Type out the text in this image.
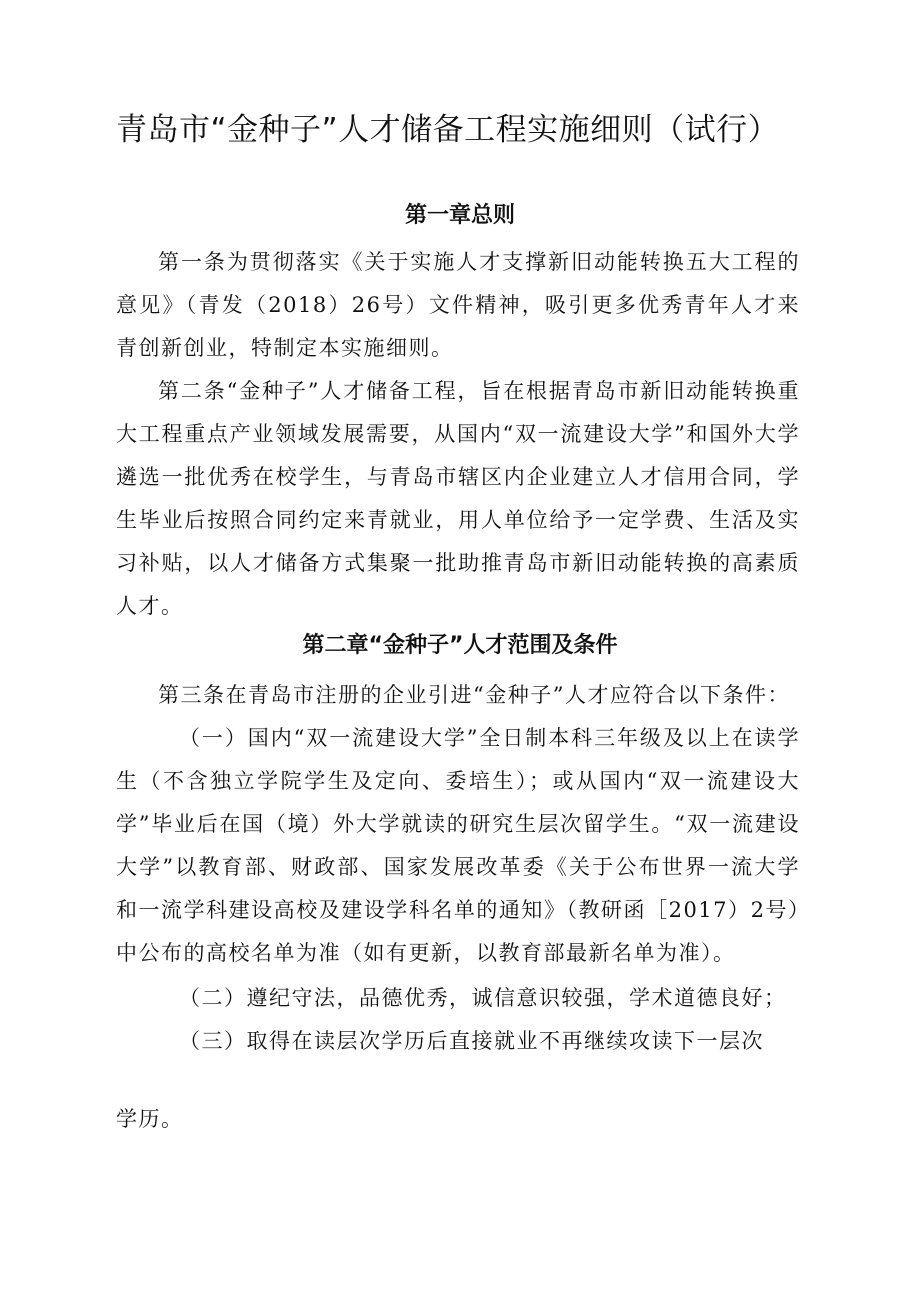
青岛市“金种子”人才储备工程实施细则（试行）
第一章总则

第一条为贯彻落实《关于实施人才支撑新旧动能转换五大工程的意见》（青发（2018）26号）文件精神，吸引更多优秀青年人才来青创新创业，特制定本实施细则。

第二条“金种子”人才储备工程，旨在根据青岛市新旧动能转换重大工程重点产业领域发展需要，从国内“双一流建设大学”和国外大学遴选一批优秀在校学生，与青岛市辖区内企业建立人才信用合同，学生毕业后按照合同约定来青就业，用人单位给予一定学费、生活及实习补贴，以人才储备方式集聚一批助推青岛市新旧动能转换的高素质人才。

第二章“金种子”人才范围及条件

第三条在青岛市注册的企业引进“金种子”人才应符合以下条件：

（一）国内“双一流建设大学”全日制本科三年级及以上在读学生（不含独立学院学生及定向、委培生）；或从国内“双一流建设大学”毕业后在国（境）外大学就读的研究生层次留学生。“双一流建设大学”以教育部、财政部、国家发展改革委《关于公布世界一流大学和一流学科建设高校及建设学科名单的通知》（教研函［2017）2号）中公布的高校名单为准（如有更新，以教育部最新名单为准）。

（二）遵纪守法，品德优秀，诚信意识较强，学术道德良好；

（三）取得在读层次学历后直接就业不再继续攻读下一层次

学历。
